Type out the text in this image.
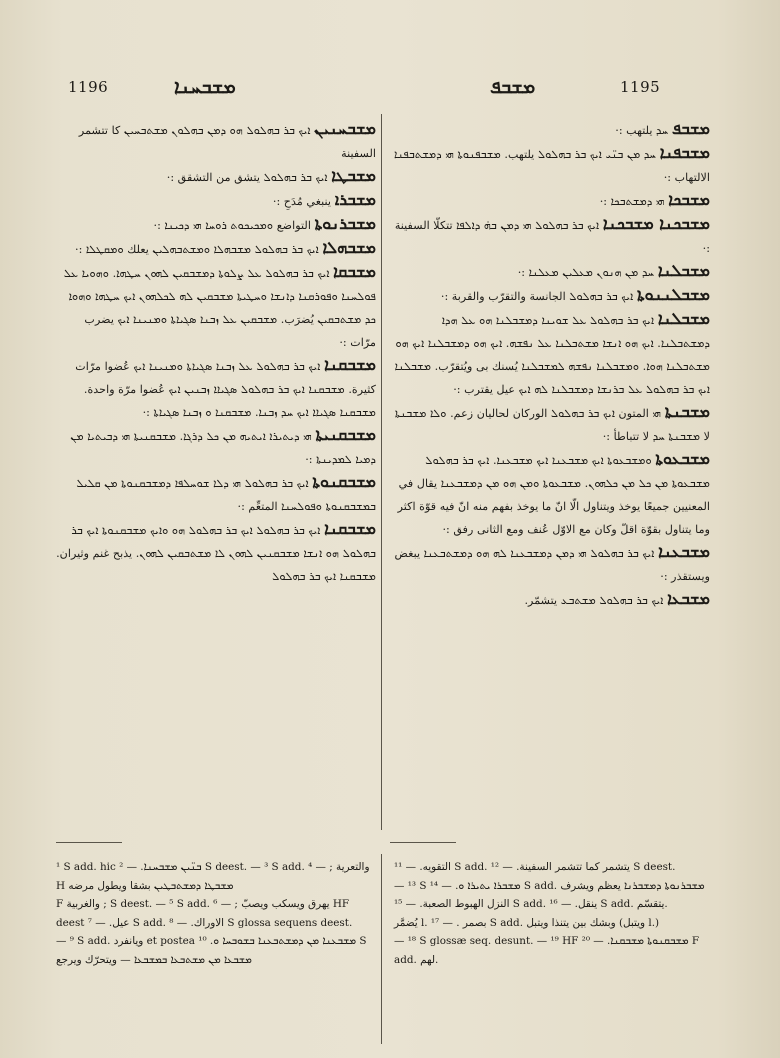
1196	ܡܫܒܚܢܐ	ܡܫܒܦ	1195

ܡܫܒܚܢܝܢ ܐܝܟ ܒܪ ܒܗܠܘܠ ܗܘ ܕܡܢ ܒܗܠܘܢ ܡܫܬܒܚܝܢ كا تتشمر السفينة

ܡܫܒܛܐ ܐܝܟ ܒܪ ܒܗܠܘܠ يتشق من التشقق :·

ܡܫܒܪܐ ينبغي مُدَحِ :·

ܡܫܒܪܢܘܬܐ التواضع ܘܡܟܝܟܘܬ ܪܘܚܐ ܗܝ ܕܟܝܢܐ :·

ܡܫܒܗܠܐ ܐܝܟ ܒܪ ܒܗܠܘܠ ܡܫܒܗܠܐ ܘܡܫܬܒܗܠܝܢ يعلك ܘܡܩܛܠܐ :·

ܡܫܒܩܐ ܐܝܟ ܒܪ ܒܗܠܘܠ ܥܠ ܨܠܘܬܐ ܕܡܫܒܩܝܢ ܠܗܘܢ ܚܛܗܐ. ܘܗܘܝܐ ܥܠ ܦܘܠܚܢܐ ܘܦܘܪܩܢܐ ܕܐܢܫܐ ܘܚܛܝܬܐ ܡܫܒܩܝܢ ܠܗ ܠܟܠܗܘܢ ܐܝܟ ܚܛܗܐ ܘܗܘܐ ܟܕ ܡܫܬܒܩܝܢ يُضرَب. ܡܫܒܩܝܢ ܥܠ ܙܒܢܐ ܣܓܝܐܬܐ ܘܡܢܝܢܐ ܐܝܟ يضرب مرّات :·

ܡܫܒܩܢܐ ܐܝܟ ܒܪ ܒܗܠܘܠ ܥܠ ܙܒܢܐ ܣܓܝܐܬܐ ܘܡܢܝܢܐ ܐܝܟ عُضوا مرّات كثيرة. ܡܫܒܩܢܐ ܐܝܟ ܒܪ ܒܗܠܘܠ ܣܓܝܐܐ ܙܒܢܝܢ ܐܝܟ عُضوا مرّة واحدة. ܡܫܒܩܢܐ ܣܓܝܐܐ ܐܝܟ ܚܕ ܙܒܢܐ. ܡܫܒܩܢܐ ܘ ܙܒܢܐ ܣܓܝܐܬܐ :·

ܡܫܒܩܢܝܬܐ ܗܝ ܕܝܬܝܪܐ ܐܝܬܝܗ ܡܢ ܟܠ ܕܪܓܐ. ܡܫܒܩܢܝܬܐ ܗܝ ܕܒܝܬܝܐ ܡܢ ܕܡܝܐ ܠܡܕܝܢܬܐ :·

ܡܫܒܩܢܘܬܐ ܐܝܟ ܒܪ ܒܗܠܘܠ ܗܝ ܕܠܐ ܫܘܚܠܦܐ ܕܡܫܒܩܢܘܬܐ ܡܢ ܩܠܝܠ ܒܡܫܒܩܢܘܬܐ ܘܦܘܠܚܢܐ المتعِّم :·

ܡܫܒܩܢܐ ܐܝܟ ܒܪ ܒܗܠܘܠ ܐܝܟ ܒܪ ܒܗܠܘܠ ܗܘ ܘܐܝܟ ܡܫܒܩܢܘܬܐ ܐܝܟ ܒܪ ܒܗܠܘܠ ܗܘ ܐܢܫܐ ܡܫܒܩܢܝܢ ܠܗܘܢ ܠܐ ܡܫܬܒܩܝܢ ܠܗܘܢ. يذبح غنم وثيران. ܡܫܒܩܢܐ ܐܝܟ ܒܪ ܒܗܠܘܠ

ܡܫܒܦ ܚܕ يلتهب :·

ܡܫܒܦܢܐ ܚܕ ܡܢ ܒܢ̈ܝ ܐܝܟ ܒܪ ܒܗܠܘܠ يلتهب. ܡܫܒܦܢܘܬܐ ܗܝ ܕܡܫܬܒܦܢܐ الالتهاب :·

ܡܫܒܟܐ ܗܝ ܕܡܫܬܒܟܐ :·

ܡܫܒܟܢܐ ܡܫܒܟܢܐ ܐܝܟ ܒܪ ܒܗܠܘܠ ܗܝ ܕܡܢ ܒܗ̇ ܕܐܠܦܐ تتكلّا السفينة :·

ܡܫܒܠܢܐ ܚܕ ܡܢ ܗܢܘܢ ܡܥܠܝܢ ܡܥܠܢܐ :·

ܡܫܒܠܢܢܘܬܐ ܐܝܟ ܒܪ ܒܗܠܘܠ الجانسة والتقرّب والقربة :·

ܡܫܒܠܢܐ ܐܝܟ ܒܪ ܒܗܠܘܠ ܥܠ ܫܘܝܢܐ ܕܡܫܒܠܢܐ ܗܘ ܥܠ ܗܕܐ ܕܡܫܬܒܠܢܐ. ܐܝܟ ܗܘ ܐܢܫܐ ܡܫܬܒܠܢܐ ܥܠ ܢܦܫܗ. ܐܝܟ ܗܘ ܕܡܫܒܠܢܐ ܐܝܟ ܗܘ ܡܫܬܒܠܢܐ ܗܘܐ. ܘܡܫܒܠܢܐ ܢܦܫܗ ܠܡܫܒܠܢܐ يُسنك بى ويُتقرّب. ܡܫܒܠܢܐ ܐܝܟ ܒܪ ܒܗܠܘܠ ܥܠ ܒܪܢܫܐ ܕܡܫܒܠܢܐ ܠܗ ܐܝܟ عيل يقترب :·

ܡܫܒܢܬܐ ܗܝ المتون ܐܝܟ ܒܪ ܒܗܠܘܠ الوركان لحاليان زعم. ܘܠܐ ܡܫܒܢܬܐ لا ܡܫܒܢܬܐ ܚܕ لا تتباطأ :·

ܡܫܒܥܘܬܐ ܘܡܫܒܥܘܬܐ ܐܝܟ ܡܫܒܥܢܐ ܐܝܟ ܡܫܒܥܢܐ. ܐܝܟ ܒܪ ܒܗܠܘܠ ܡܫܒܥܘܬܐ ܡܢ ܟܠ ܡܢ ܟܠܗܘܢ. ܡܫܒܥܘܬܐ ܘܡܢ ܗܘ ܡܢ ܕܡܫܒܥܢܐ يقال في المعنيين جميعًا يوخذ ويتناول الّا انّ ما يوخذ بفهم منه انّ فيه قوّة اكثر وما يتناول بقوّة اقلّ وكان مع الاوّل عُنف ومع الثانى رفق :·

ܡܫܒܥܢܐ ܐܝܟ ܒܪ ܒܗܠܘܠ ܗܝ ܕܡܢ ܕܡܫܒܥܢܐ ܠܗ ܗܘ ܕܡܫܬܒܥܢܐ يبغض ويستقذر :·

ܡܫܒܥܐ ܐܝܟ ܒܪ ܒܗܠܘܠ ܡܫܬܒܥ يتشمّر.

¹ S add. hic ܒܢ̈ܝܢ ܡܫܒܚܢܐ. — ² S deest. — ³ S add. والتعرية ; — ⁴ H ܡܫܒܛܐ ܕܡܫܬܒܛܝܢ بشقا ويطول مرضه

F والغربية ; S deest. — ⁵ S add. يهرق ويسكب ويصبّ ; — ⁶ HF deest عيل. — ⁷ S add. الاوراك. — ⁸ S glossa sequens deest.

— ⁹ S add. ويانفرد et postea ܡܫܒܥܢܐ ܡܢ ܕܡܫܬܒܥܢܐ ܒܫܘܒܚܐ ܘ. ¹⁰ S ܡܫܒܥܐ ܡܢ ܡܫܬܒܥܐ ܒܡܫܒܥܐ — ويتحرّك ويرجع

التقويه. — ¹¹ S add. يتشمر كما تتشمر السفينة. — ¹² S deest.

— ¹³ S ܡܫܒܪܐ ܝܬܝܪܐ ܘ. — ¹⁴ S add. ܡܫܒܪܢܘܬܐ ܕܡܫܒܪܢܐ يعظم ويشرف النزل الهبوط الصعبة. — ¹⁵ S add. ينقل. — ¹⁶ S add. يتقسّم.

يُضمَّر l. بصمر . — ¹⁷ S add. وبشك بين يتنذا ويتبل (ويتبل l.)

— ¹⁸ S glossæ seq. desunt. — ¹⁹ HF ܡܫܒܩܢܘܬܐ ܡܫܒܩܢܐ. — ²⁰ F add. لهم.
